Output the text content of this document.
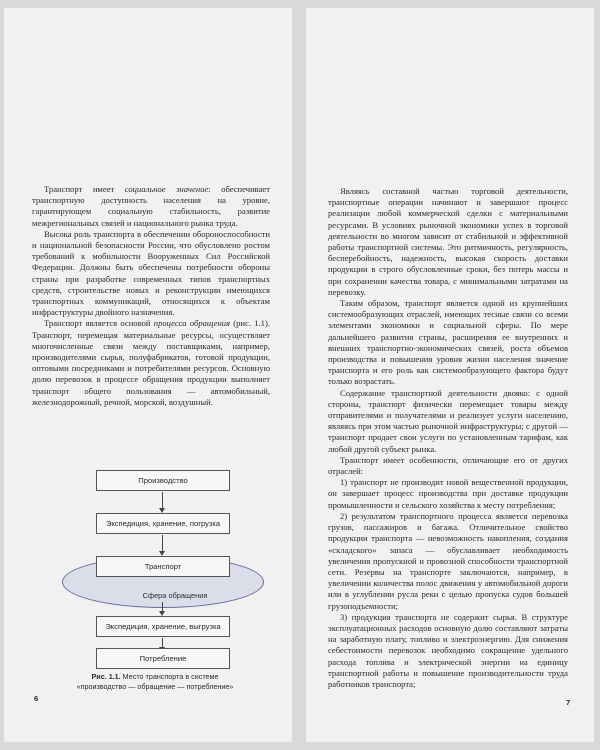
Транспорт имеет социальное значение: обеспечивает транспортную доступность населения на уровне, гарантирующем социальную стабильность, развитие межрегиональных связей и национального рынка труда.

Высока роль транспорта в обеспечении обороноспособности и национальной безопасности России, что обусловлено ростом требований к мобильности Вооруженных Сил Российской Федерации. Должны быть обеспечены потребности обороны страны при разработке современных типов транспортных средств, строительстве новых и реконструкции имеющихся транспортных коммуникаций, относящихся к объектам инфраструктуры двойного назначения.

Транспорт является основой процесса обращения (рис. 1.1). Транспорт, перемещая материальные ресурсы, осуществляет многочисленные связи между поставщиками, например, производителями сырья, полуфабрикатов, готовой продукции, оптовыми посредниками и потребителями ресурсов. Основную долю перевозок в процессе обращения продукции выполняет транспорт общего пользования — автомобильный, железнодорожный, речной, морской, воздушный.

Производство
Экспедиция, хранение, погрузка
Транспорт
Сфера обращения
Экспедиция, хранение, выгрузка
Потребление
Рис. 1.1. Место транспорта в системе
«производство — обращение — потребление»
6

Являясь составной частью торговой деятельности, транспортные операции начинают и завершают процесс реализации любой коммерческой сделки с материальными ресурсами. В условиях рыночной экономики успех в торговой деятельности во многом зависит от стабильной и эффективной работы транспортной системы. Это ритмичность, регулярность, бесперебойность, надежность, высокая скорость доставки продукции в строго обусловленные сроки, без потерь массы и при сохранении качества товара, с минимальными затратами на перевозку.

Таким образом, транспорт является одной из крупнейших системообразующих отраслей, имеющих тесные связи со всеми элементами экономики и социальной сферы. По мере дальнейшего развития страны, расширения ее внутренних и внешних транспортно-экономических связей, роста объемов производства и повышения уровня жизни населения значение транспорта и его роль как системообразующего фактора будут только возрастать.

Содержание транспортной деятельности двояко: с одной стороны, транспорт физически перемещает товары между отправителями и получателями и реализует услуги населению, являясь при этом частью рыночной инфраструктуры; с другой — транспорт продает свои услуги по установленным тарифам, как любой другой субъект рынка.

Транспорт имеет особенности, отличающие его от других отраслей:

1) транспорт не производит новой вещественной продукции, он завершает процесс производства при доставке продукции промышленности и сельского хозяйства к месту потребления;

2) результатом транспортного процесса является перевозка грузов, пассажиров и багажа. Отличительное свойство продукции транспорта — невозможность накопления, создания «складского» запаса — обуславливает необходимость увеличения пропускной и провозной способности транспортной сети. Резервы на транспорте заключаются, например, в увеличении количества полос движения у автомобильной дороги или в углублении русла реки с целью пропуска судов большей грузоподъемности;

3) продукция транспорта не содержит сырья. В структуре эксплуатационных расходов основную долю составляют затраты на заработную плату, топливо и электроэнергию. Для снижения себестоимости перевозок необходимо сокращение удельного расхода топлива и электрической энергии на единицу транспортной работы и повышение производительности труда работников транспорта;

7
